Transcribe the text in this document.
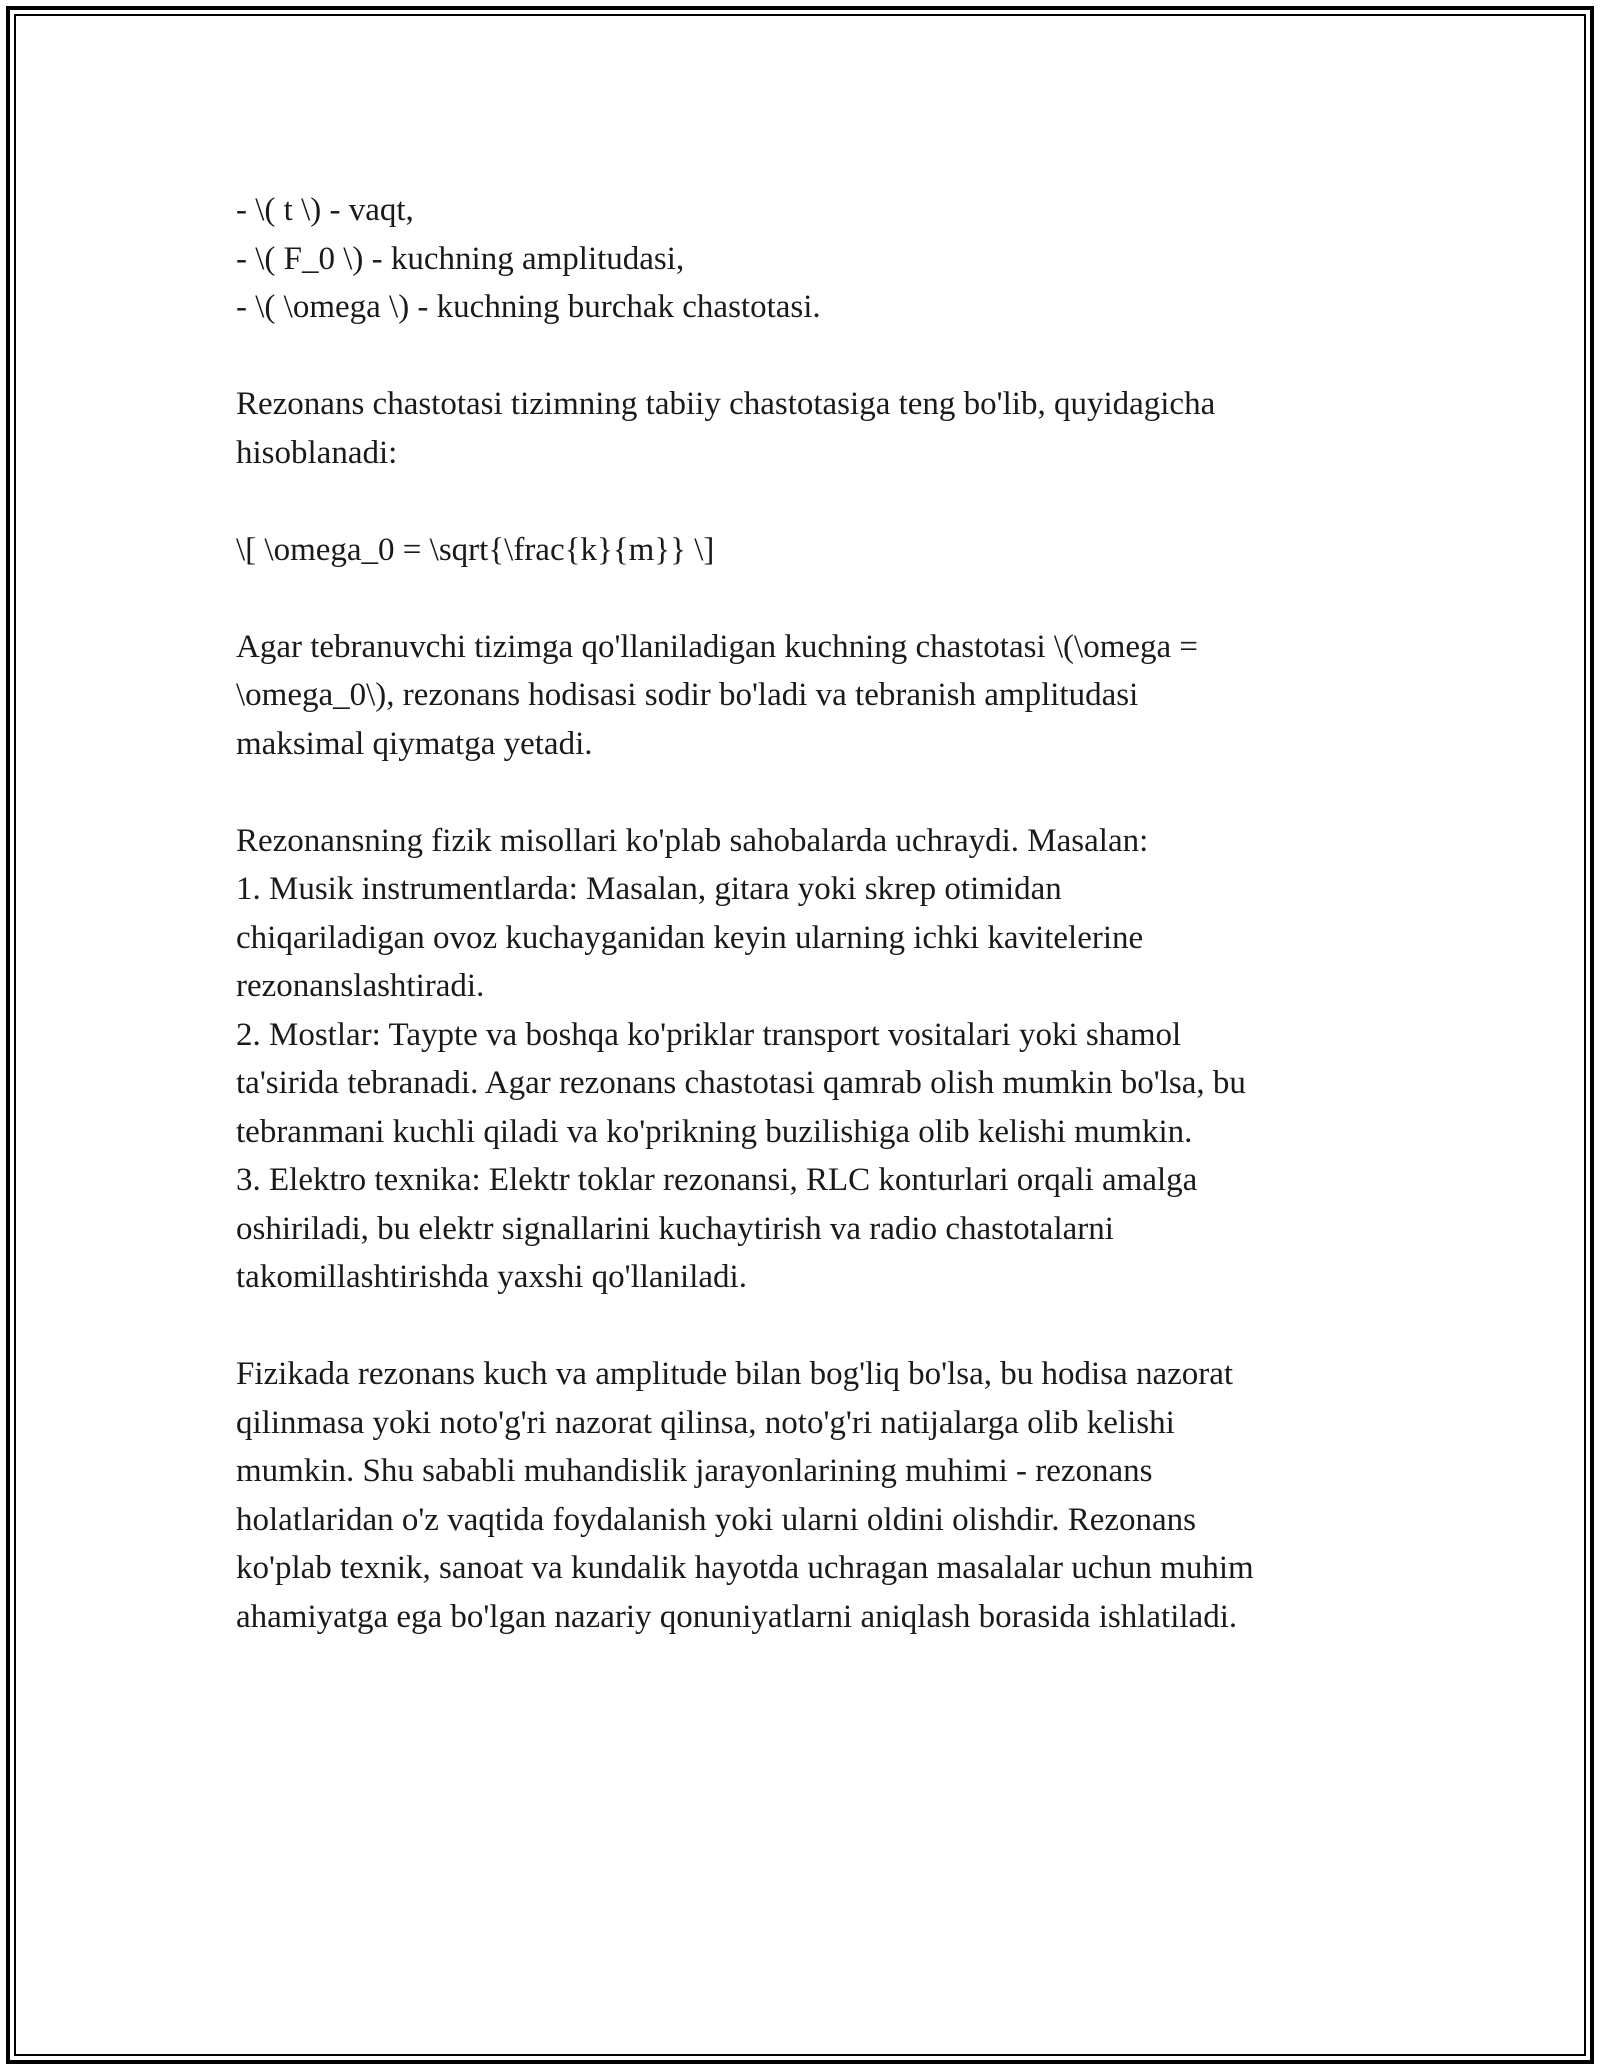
- \( t \) - vaqt,
- \( F_0 \) - kuchning amplitudasi,
- \( \omega \) - kuchning burchak chastotasi.
Rezonans chastotasi tizimning tabiiy chastotasiga teng bo'lib, quyidagicha
hisoblanadi:
\[ \omega_0 = \sqrt{\frac{k}{m}} \]
Agar tebranuvchi tizimga qo'llaniladigan kuchning chastotasi \(\omega =
\omega_0\), rezonans hodisasi sodir bo'ladi va tebranish amplitudasi
maksimal qiymatga yetadi.
Rezonansning fizik misollari ko'plab sahobalarda uchraydi. Masalan:
1. Musik instrumentlarda: Masalan, gitara yoki skrep otimidan
chiqariladigan ovoz kuchayganidan keyin ularning ichki kavitelerine
rezonanslashtiradi.
2. Mostlar: Taypte va boshqa ko'priklar transport vositalari yoki shamol
ta'sirida tebranadi. Agar rezonans chastotasi qamrab olish mumkin bo'lsa, bu
tebranmani kuchli qiladi va ko'prikning buzilishiga olib kelishi mumkin.
3. Elektro texnika: Elektr toklar rezonansi, RLC konturlari orqali amalga
oshiriladi, bu elektr signallarini kuchaytirish va radio chastotalarni
takomillashtirishda yaxshi qo'llaniladi.
Fizikada rezonans kuch va amplitude bilan bog'liq bo'lsa, bu hodisa nazorat
qilinmasa yoki noto'g'ri nazorat qilinsa, noto'g'ri natijalarga olib kelishi
mumkin. Shu sababli muhandislik jarayonlarining muhimi - rezonans
holatlaridan o'z vaqtida foydalanish yoki ularni oldini olishdir. Rezonans
ko'plab texnik, sanoat va kundalik hayotda uchragan masalalar uchun muhim
ahamiyatga ega bo'lgan nazariy qonuniyatlarni aniqlash borasida ishlatiladi.
